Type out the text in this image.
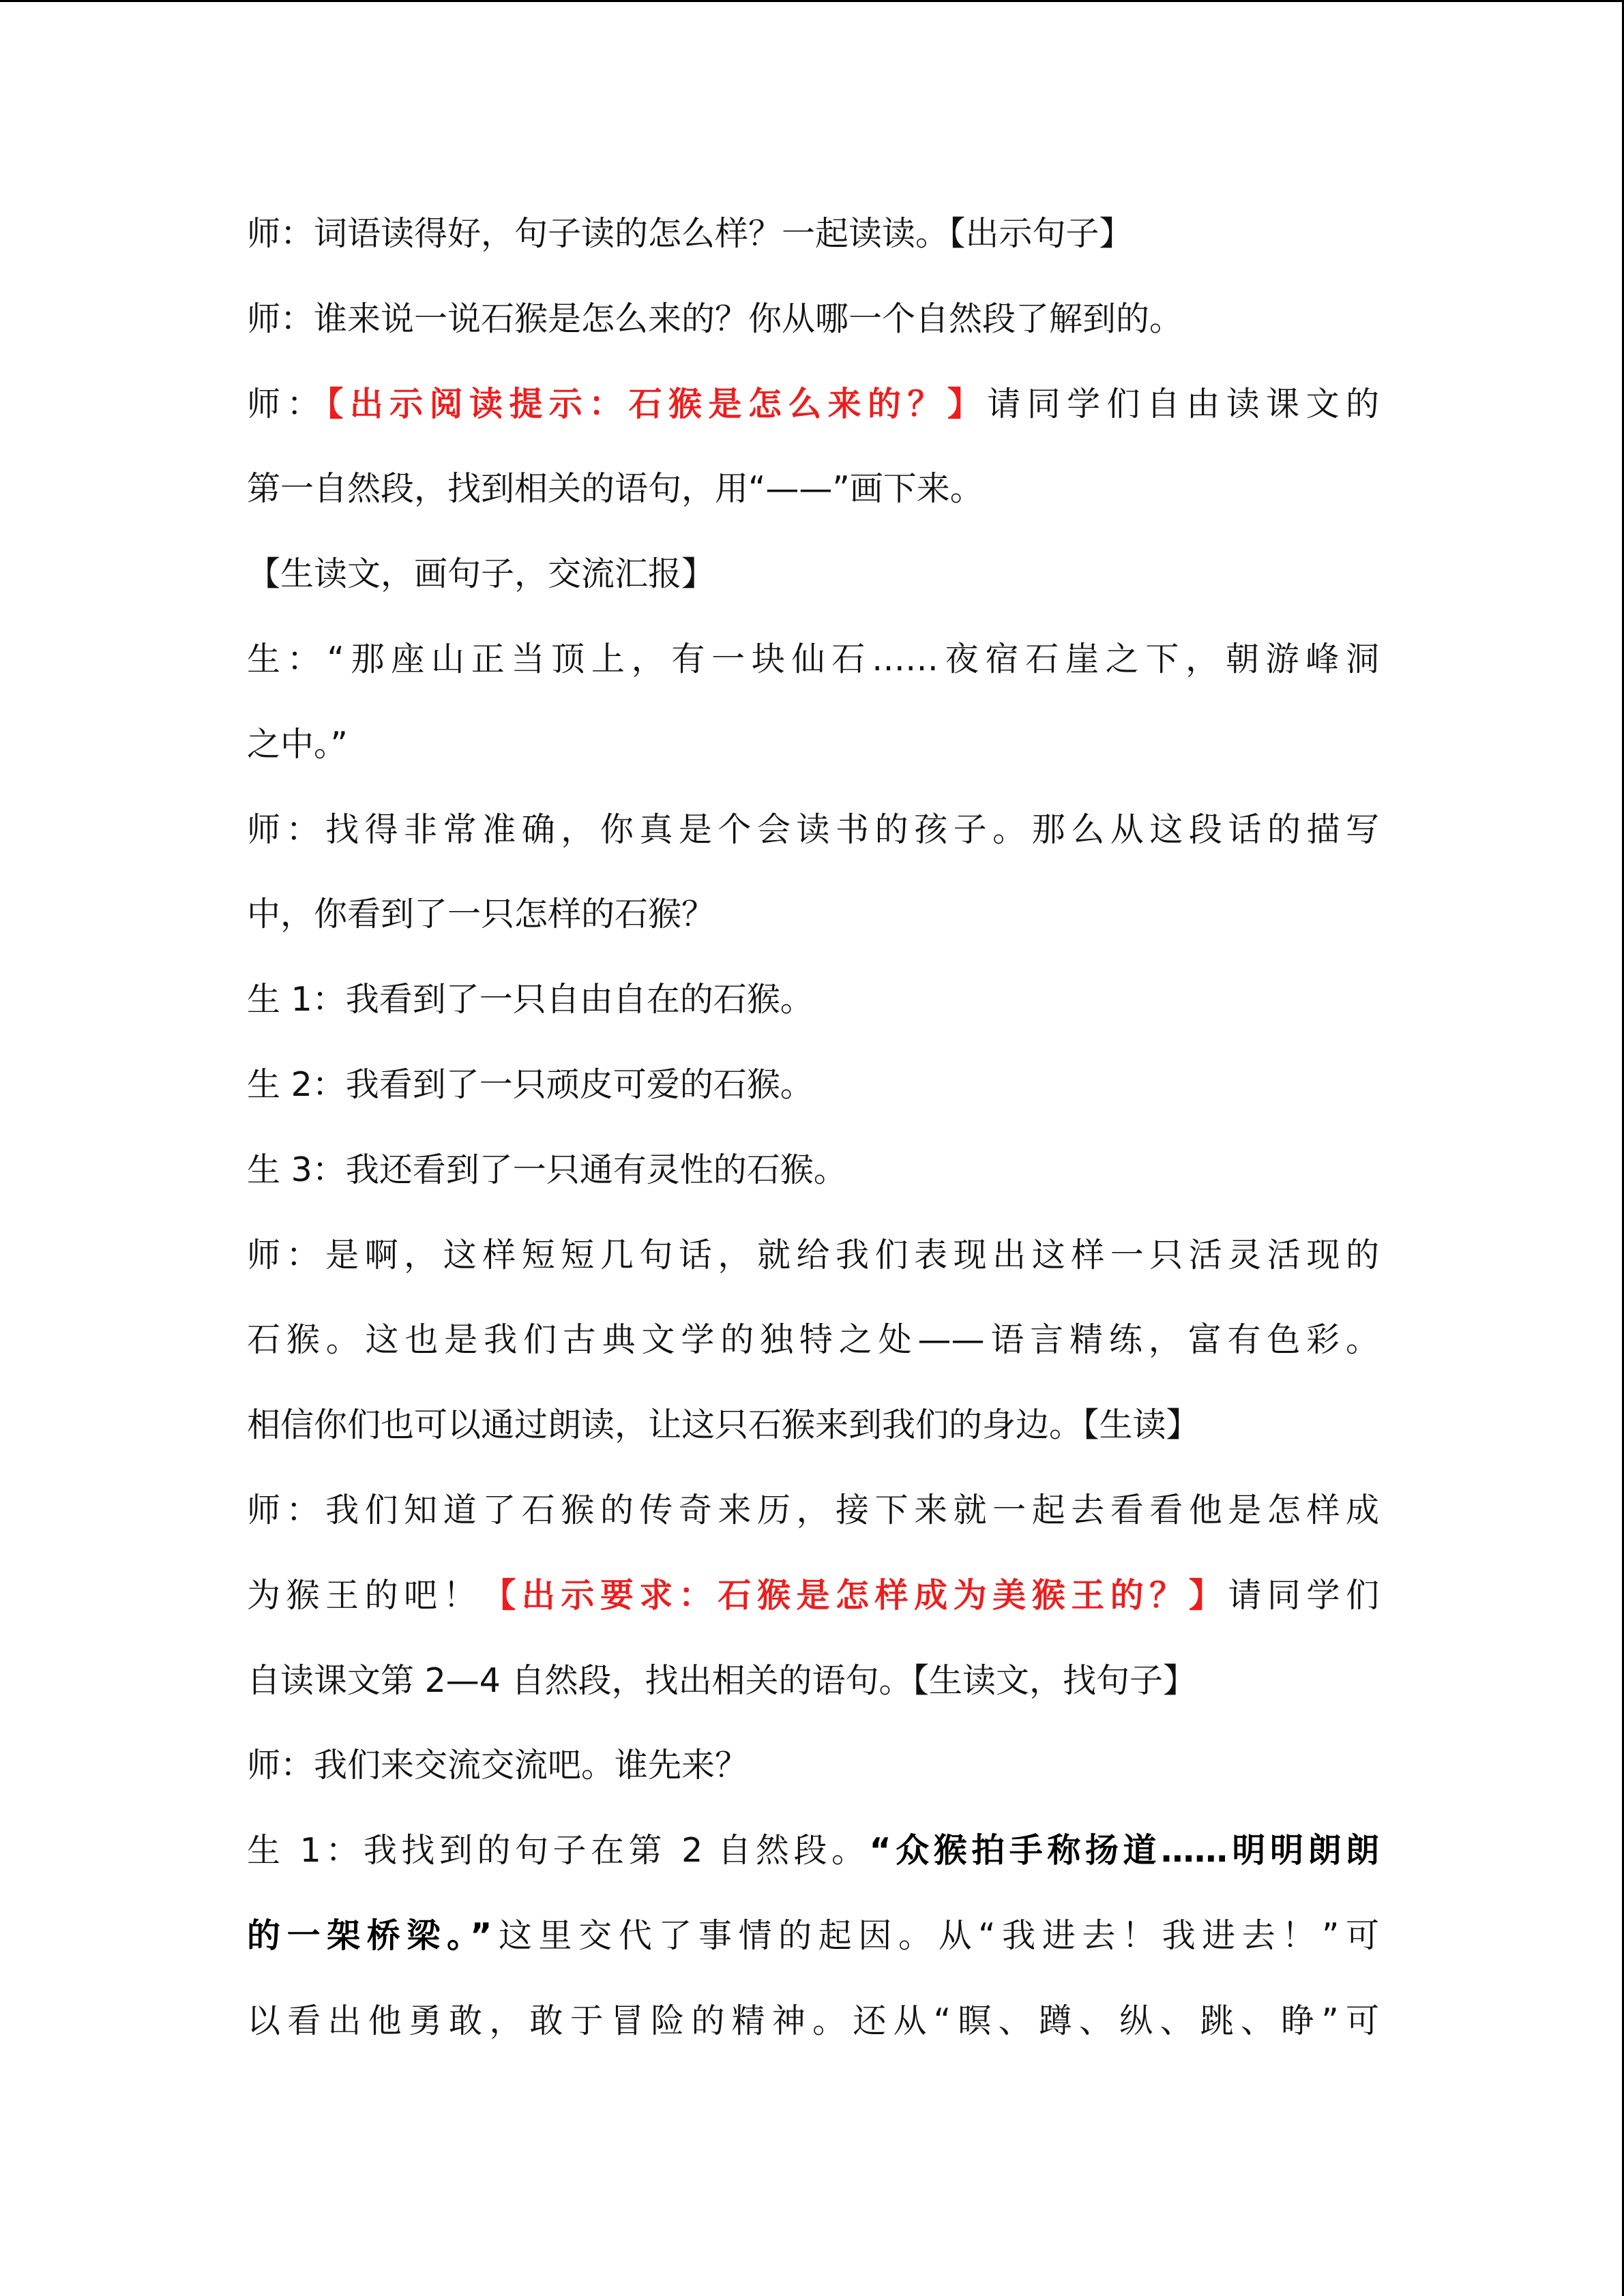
师：词语读得好，句子读的怎么样？一起读读。【出示句子】
师：谁来说一说石猴是怎么来的？你从哪一个自然段了解到的。
师：【出示阅读提示：石猴是怎么来的？】请同学们自由读课文的
第一自然段，找到相关的语句，用“——”画下来。
【生读文，画句子，交流汇报】
生：“那座山正当顶上，有一块仙石……夜宿石崖之下，朝游峰洞
之中。”
师：找得非常准确，你真是个会读书的孩子。那么从这段话的描写
中，你看到了一只怎样的石猴？
生 1：我看到了一只自由自在的石猴。
生 2：我看到了一只顽皮可爱的石猴。
生 3：我还看到了一只通有灵性的石猴。
师：是啊，这样短短几句话，就给我们表现出这样一只活灵活现的
石猴。这也是我们古典文学的独特之处——语言精练，富有色彩。
相信你们也可以通过朗读，让这只石猴来到我们的身边。【生读】
师：我们知道了石猴的传奇来历，接下来就一起去看看他是怎样成
为猴王的吧！【出示要求：石猴是怎样成为美猴王的？】请同学们
自读课文第 2—4 自然段，找出相关的语句。【生读文，找句子】
师：我们来交流交流吧。谁先来？
生 1：我找到的句子在第 2 自然段。“众猴拍手称扬道……明明朗朗
的一架桥梁。”这里交代了事情的起因。从“我进去！我进去！”可
以看出他勇敢，敢于冒险的精神。还从“瞑、蹲、纵、跳、睁”可
